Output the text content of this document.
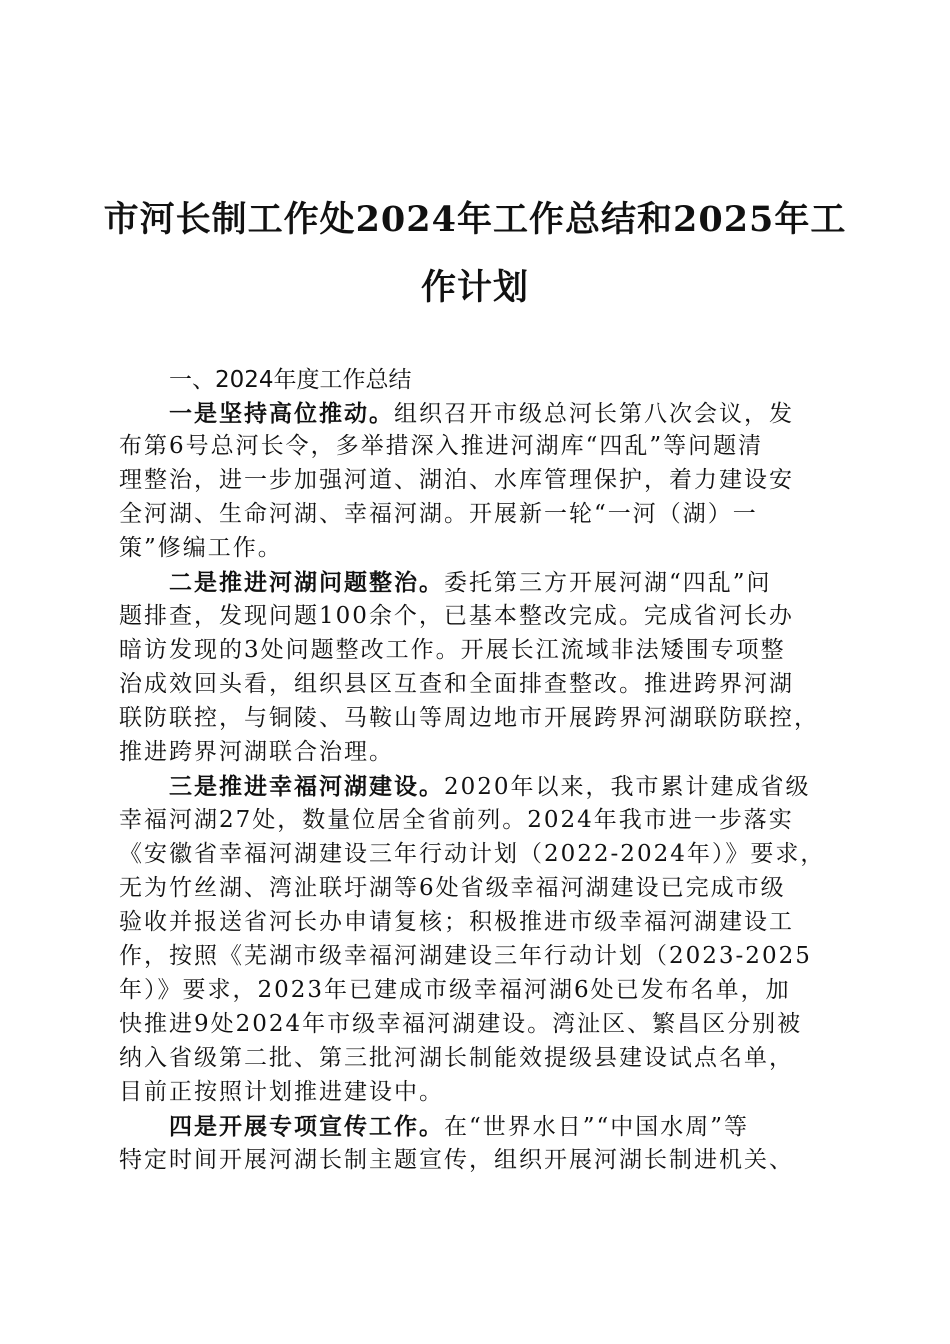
市河长制工作处2024年工作总结和2025年工
作计划
一、2024年度工作总结
一是坚持高位推动。组织召开市级总河长第八次会议，发
布第6号总河长令，多举措深入推进河湖库“四乱”等问题清
理整治，进一步加强河道、湖泊、水库管理保护，着力建设安
全河湖、生命河湖、幸福河湖。开展新一轮“一河（湖）一
策”修编工作。
二是推进河湖问题整治。委托第三方开展河湖“四乱”问
题排查，发现问题100余个，已基本整改完成。完成省河长办
暗访发现的3处问题整改工作。开展长江流域非法矮围专项整
治成效回头看，组织县区互查和全面排查整改。推进跨界河湖
联防联控，与铜陵、马鞍山等周边地市开展跨界河湖联防联控，
推进跨界河湖联合治理。
三是推进幸福河湖建设。2020年以来，我市累计建成省级
幸福河湖27处，数量位居全省前列。2024年我市进一步落实
《安徽省幸福河湖建设三年行动计划（2022-2024年）》要求，
无为竹丝湖、湾沚联圩湖等6处省级幸福河湖建设已完成市级
验收并报送省河长办申请复核；积极推进市级幸福河湖建设工
作，按照《芜湖市级幸福河湖建设三年行动计划（2023-2025
年）》要求，2023年已建成市级幸福河湖6处已发布名单，加
快推进9处2024年市级幸福河湖建设。湾沚区、繁昌区分别被
纳入省级第二批、第三批河湖长制能效提级县建设试点名单，
目前正按照计划推进建设中。
四是开展专项宣传工作。在“世界水日”“中国水周”等
特定时间开展河湖长制主题宣传，组织开展河湖长制进机关、
